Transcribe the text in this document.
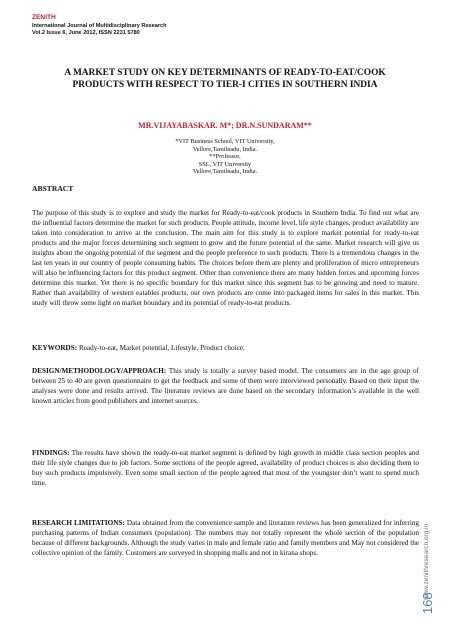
ZENITH
International Journal of Multidisciplinary Research
Vol.2 Issue 6, June 2012, ISSN 2231 5780
A MARKET STUDY ON KEY DETERMINANTS OF READY-TO-EAT/COOK PRODUCTS WITH RESPECT TO TIER-I CITIES IN SOUTHERN INDIA
MR.VIJAYABASKAR. M*; DR.N.SUNDARAM**
*VIT Business School, VIT University,
Vellore,Tamilnadu, India.
**Professor,
SSL, VIT University
Vellore,Tamilnadu, India.
ABSTRACT

The purpose of this study is to explore and study the market for Ready-to-eat/cook products in Southern India. To find out what are the influential factors determine the market for such products. People attitude, income level, life style changes, product availability are taken into consideration to arrive at the conclusion. The main aim for this study is to explore market potential for ready-to-eat products and the major forces determining such segment to grow and the future potential of the same. Market research will give us insights about the ongoing potential of the segment and the people preference to such products. There is a tremendous changes in the last ten years in our country of people consuming habits. The choices before them are plenty and proliferation of micro entrepreneurs will also be influencing factors for this product segment. Other than convenience there are many hidden forces and upcoming forces determine this market. Yet there is no specific boundary for this market since this segment has to be growing and need to mature. Rather than availability of western eatables products, our own products are come into packaged items for sales in this market. This study will throw some light on market boundary and its potential of ready-to-eat products.

KEYWORDS: Ready-to-eat, Market potential, Lifestyle, Product choice.

DESIGN/METHODOLOGY/APPROACH: This study is totally a survey based model. The consumers are in the age group of between 25 to 40 are given questionnaire to get the feedback and some of them were interviewed personally. Based on their input the analyses were done and results arrived. The literature reviews are done based on the secondary information’s available in the well known articles from good publishers and internet sources.

FINDINGS: The results have shown the ready-to-eat market segment is defined by high growth in middle class section peoples and their life style changes due to job factors. Some sections of the people agreed, availability of product choices is also deciding them to buy such products impulsively. Even some small section of the people agreed that most of the youngster don’t want to spend much time.

RESEARCH LIMITATIONS: Data obtained from the convenience sample and literature reviews has been generalized for inferring purchasing patterns of Indian consumers (population). The numbers may not totally represent the whole section of the population because of different backgrounds. Although the study varies in male and female ratio and family members and May not considered the collective opinion of the family. Customers are surveyed in shopping malls and not in kirana shops.	www.zenithresearch.org.in
168
